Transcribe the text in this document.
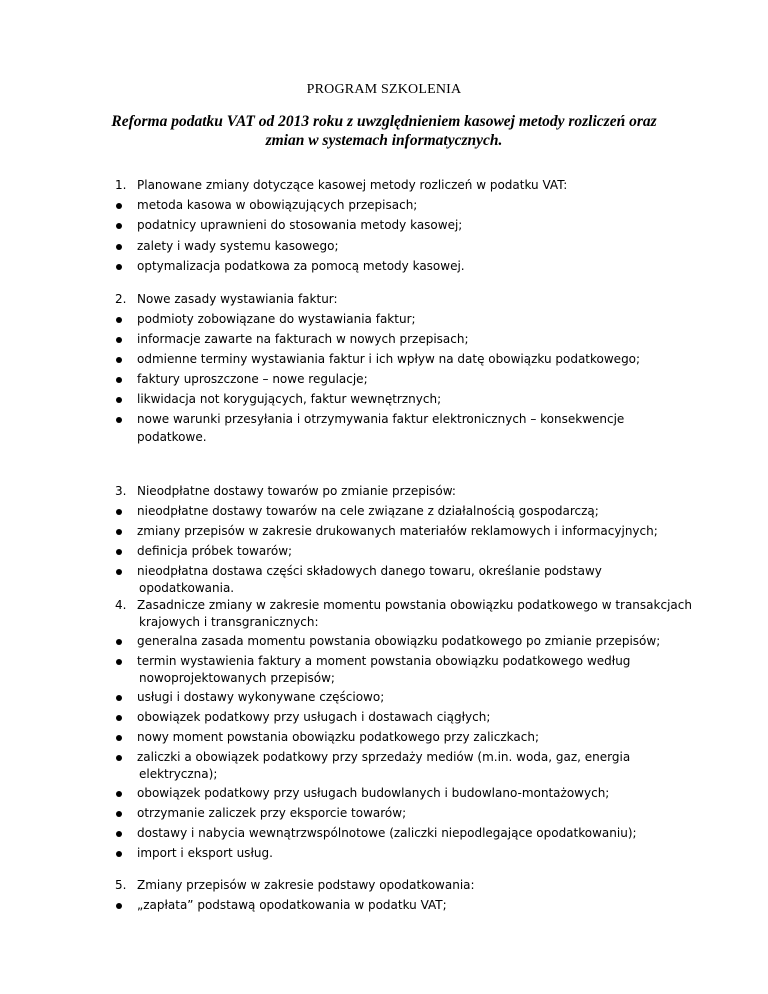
PROGRAM SZKOLENIA
Reforma podatku VAT od 2013 roku z uwzględnieniem kasowej metody rozliczeń oraz
zmian w systemach informatycznych.
1. Planowane zmiany dotyczące kasowej metody rozliczeń w podatku VAT:
metoda kasowa w obowiązujących przepisach;
podatnicy uprawnieni do stosowania metody kasowej;
zalety i wady systemu kasowego;
optymalizacja podatkowa za pomocą metody kasowej.
2. Nowe zasady wystawiania faktur:
podmioty zobowiązane do wystawiania faktur;
informacje zawarte na fakturach w nowych przepisach;
odmienne terminy wystawiania faktur i ich wpływ na datę obowiązku podatkowego;
faktury uproszczone – nowe regulacje;
likwidacja not korygujących, faktur wewnętrznych;
nowe warunki przesyłania i otrzymywania faktur elektronicznych – konsekwencje
podatkowe.
3. Nieodpłatne dostawy towarów po zmianie przepisów:
nieodpłatne dostawy towarów na cele związane z działalnością gospodarczą;
zmiany przepisów w zakresie drukowanych materiałów reklamowych i informacyjnych;
definicja próbek towarów;
nieodpłatna dostawa części składowych danego towaru, określanie podstawy
opodatkowania.
4. Zasadnicze zmiany w zakresie momentu powstania obowiązku podatkowego w transakcjach
krajowych i transgranicznych:
generalna zasada momentu powstania obowiązku podatkowego po zmianie przepisów;
termin wystawienia faktury a moment powstania obowiązku podatkowego według
nowoprojektowanych przepisów;
usługi i dostawy wykonywane częściowo;
obowiązek podatkowy przy usługach i dostawach ciągłych;
nowy moment powstania obowiązku podatkowego przy zaliczkach;
zaliczki a obowiązek podatkowy przy sprzedaży mediów (m.in. woda, gaz, energia
elektryczna);
obowiązek podatkowy przy usługach budowlanych i budowlano-montażowych;
otrzymanie zaliczek przy eksporcie towarów;
dostawy i nabycia wewnątrzwspólnotowe (zaliczki niepodlegające opodatkowaniu);
import i eksport usług.
5. Zmiany przepisów w zakresie podstawy opodatkowania:
„zapłata” podstawą opodatkowania w podatku VAT;
